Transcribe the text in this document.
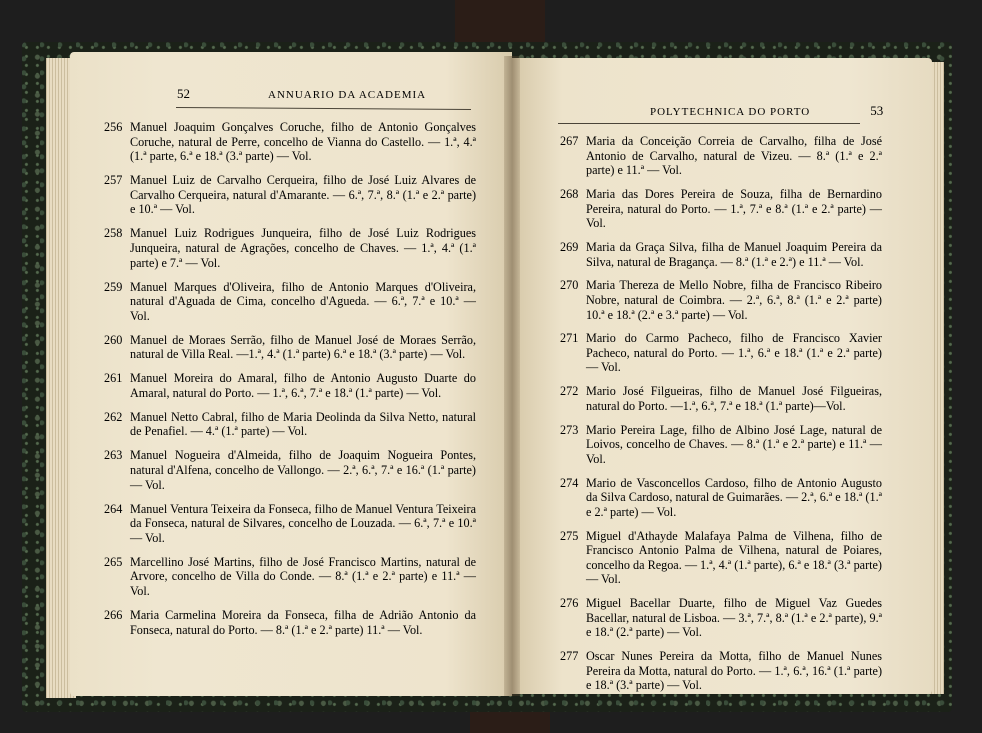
52	ANNUARIO DA ACADEMIA
POLYTECHNICA DO PORTO	53
256 Manuel Joaquim Gonçalves Coruche, filho de Antonio Gonçalves Coruche, natural de Perre, concelho de Vianna do Castello. — 1.ª, 4.ª (1.ª parte, 6.ª e 18.ª (3.ª parte) — Vol.
257 Manuel Luiz de Carvalho Cerqueira, filho de José Luiz Alvares de Carvalho Cerqueira, natural d'Amarante. — 6.ª, 7.ª, 8.ª (1.ª e 2.ª parte) e 10.ª — Vol.
258 Manuel Luiz Rodrigues Junqueira, filho de José Luiz Rodrigues Junqueira, natural de Agrações, concelho de Chaves. — 1.ª, 4.ª (1.ª parte) e 7.ª — Vol.
259 Manuel Marques d'Oliveira, filho de Antonio Marques d'Oliveira, natural d'Aguada de Cima, concelho d'Agueda. — 6.ª, 7.ª e 10.ª — Vol.
260 Manuel de Moraes Serrão, filho de Manuel José de Moraes Serrão, natural de Villa Real. —1.ª, 4.ª (1.ª parte) 6.ª e 18.ª (3.ª parte) — Vol.
261 Manuel Moreira do Amaral, filho de Antonio Augusto Duarte do Amaral, natural do Porto. — 1.ª, 6.ª, 7.ª e 18.ª (1.ª parte) — Vol.
262 Manuel Netto Cabral, filho de Maria Deolinda da Silva Netto, natural de Penafiel. — 4.ª (1.ª parte) — Vol.
263 Manuel Nogueira d'Almeida, filho de Joaquim Nogueira Pontes, natural d'Alfena, concelho de Vallongo. — 2.ª, 6.ª, 7.ª e 16.ª (1.ª parte) — Vol.
264 Manuel Ventura Teixeira da Fonseca, filho de Manuel Ventura Teixeira da Fonseca, natural de Silvares, concelho de Louzada. — 6.ª, 7.ª e 10.ª — Vol.
265 Marcellino José Martins, filho de José Francisco Martins, natural de Arvore, concelho de Villa do Conde. — 8.ª (1.ª e 2.ª parte) e 11.ª — Vol.
266 Maria Carmelina Moreira da Fonseca, filha de Adrião Antonio da Fonseca, natural do Porto. — 8.ª (1.ª e 2.ª parte) 11.ª — Vol.
267 Maria da Conceição Correia de Carvalho, filha de José Antonio de Carvalho, natural de Vizeu. — 8.ª (1.ª e 2.ª parte) e 11.ª — Vol.
268 Maria das Dores Pereira de Souza, filha de Bernardino Pereira, natural do Porto. — 1.ª, 7.ª e 8.ª (1.ª e 2.ª parte) — Vol.
269 Maria da Graça Silva, filha de Manuel Joaquim Pereira da Silva, natural de Bragança. — 8.ª (1.ª e 2.ª) e 11.ª — Vol.
270 Maria Thereza de Mello Nobre, filha de Francisco Ribeiro Nobre, natural de Coimbra. — 2.ª, 6.ª, 8.ª (1.ª e 2.ª parte) 10.ª e 18.ª (2.ª e 3.ª parte) — Vol.
271 Mario do Carmo Pacheco, filho de Francisco Xavier Pacheco, natural do Porto. — 1.ª, 6.ª e 18.ª (1.ª e 2.ª parte) — Vol.
272 Mario José Filgueiras, filho de Manuel José Filgueiras, natural do Porto. —1.ª, 6.ª, 7.ª e 18.ª (1.ª parte)—Vol.
273 Mario Pereira Lage, filho de Albino José Lage, natural de Loivos, concelho de Chaves. — 8.ª (1.ª e 2.ª parte) e 11.ª — Vol.
274 Mario de Vasconcellos Cardoso, filho de Antonio Augusto da Silva Cardoso, natural de Guimarães. — 2.ª, 6.ª e 18.ª (1.ª e 2.ª parte) — Vol.
275 Miguel d'Athayde Malafaya Palma de Vilhena, filho de Francisco Antonio Palma de Vilhena, natural de Poiares, concelho da Regoa. — 1.ª, 4.ª (1.ª parte), 6.ª e 18.ª (3.ª parte) — Vol.
276 Miguel Bacellar Duarte, filho de Miguel Vaz Guedes Bacellar, natural de Lisboa. — 3.ª, 7.ª, 8.ª (1.ª e 2.ª parte), 9.ª e 18.ª (2.ª parte) — Vol.
277 Oscar Nunes Pereira da Motta, filho de Manuel Nunes Pereira da Motta, natural do Porto. — 1.ª, 6.ª, 16.ª (1.ª parte) e 18.ª (3.ª parte) — Vol.
